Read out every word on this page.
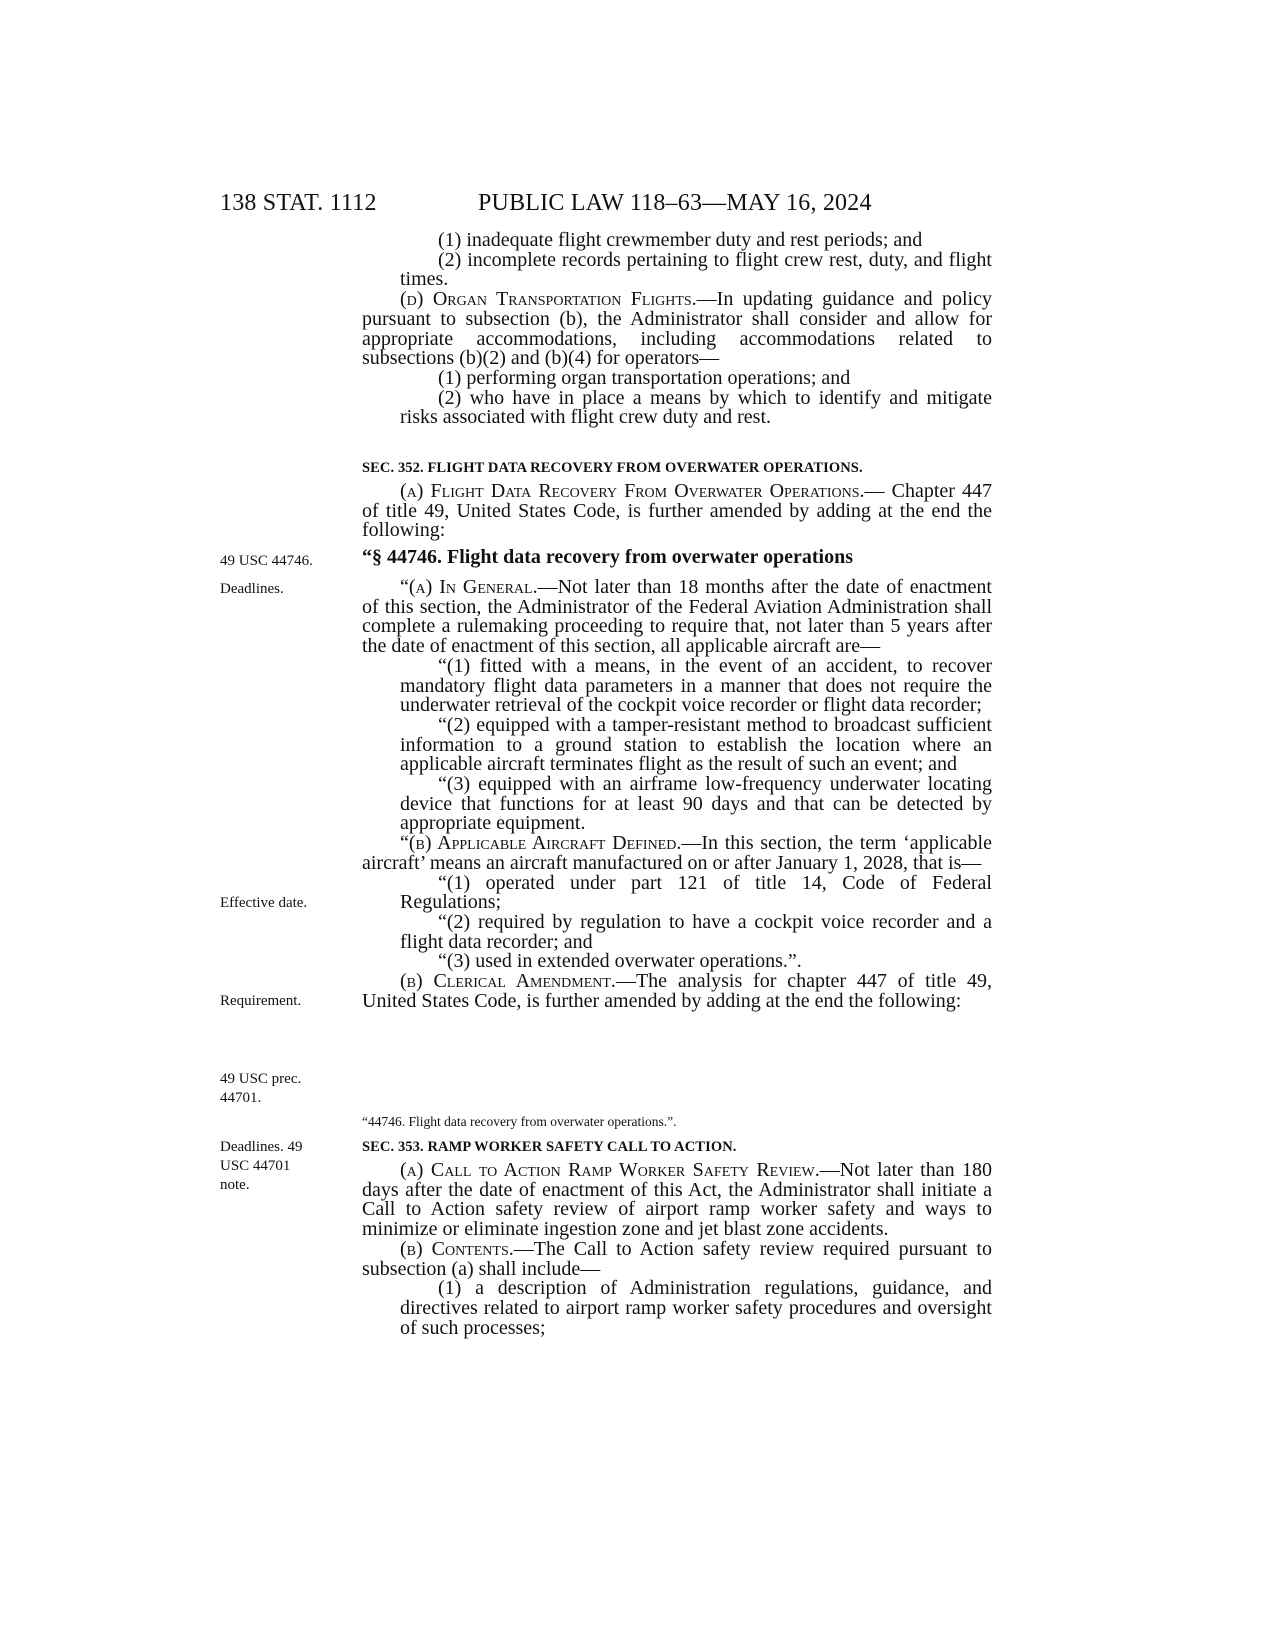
138 STAT. 1112	PUBLIC LAW 118–63—MAY 16, 2024
49 USC 44746.
Deadlines.
Effective date.
Requirement.
49 USC prec. 44701.
Deadlines. 49 USC 44701 note.

(1) inadequate flight crewmember duty and rest periods; and

(2) incomplete records pertaining to flight crew rest, duty, and flight times.

(d) Organ Transportation Flights.—In updating guidance and policy pursuant to subsection (b), the Administrator shall consider and allow for appropriate accommodations, including accommodations related to subsections (b)(2) and (b)(4) for operators—

(1) performing organ transportation operations; and

(2) who have in place a means by which to identify and mitigate risks associated with flight crew duty and rest.

SEC. 352. FLIGHT DATA RECOVERY FROM OVERWATER OPERATIONS.

(a) Flight Data Recovery From Overwater Operations.— Chapter 447 of title 49, United States Code, is further amended by adding at the end the following:

“§ 44746. Flight data recovery from overwater operations

“(a) In General.—Not later than 18 months after the date of enactment of this section, the Administrator of the Federal Aviation Administration shall complete a rulemaking proceeding to require that, not later than 5 years after the date of enactment of this section, all applicable aircraft are—

“(1) fitted with a means, in the event of an accident, to recover mandatory flight data parameters in a manner that does not require the underwater retrieval of the cockpit voice recorder or flight data recorder;

“(2) equipped with a tamper-resistant method to broadcast sufficient information to a ground station to establish the location where an applicable aircraft terminates flight as the result of such an event; and

“(3) equipped with an airframe low-frequency underwater locating device that functions for at least 90 days and that can be detected by appropriate equipment.

“(b) Applicable Aircraft Defined.—In this section, the term ‘applicable aircraft’ means an aircraft manufactured on or after January 1, 2028, that is—

“(1) operated under part 121 of title 14, Code of Federal Regulations;

“(2) required by regulation to have a cockpit voice recorder and a flight data recorder; and

“(3) used in extended overwater operations.”.

(b) Clerical Amendment.—The analysis for chapter 447 of title 49, United States Code, is further amended by adding at the end the following:

“44746. Flight data recovery from overwater operations.”.

SEC. 353. RAMP WORKER SAFETY CALL TO ACTION.

(a) Call to Action Ramp Worker Safety Review.—Not later than 180 days after the date of enactment of this Act, the Administrator shall initiate a Call to Action safety review of airport ramp worker safety and ways to minimize or eliminate ingestion zone and jet blast zone accidents.

(b) Contents.—The Call to Action safety review required pursuant to subsection (a) shall include—

(1) a description of Administration regulations, guidance, and directives related to airport ramp worker safety procedures and oversight of such processes;
